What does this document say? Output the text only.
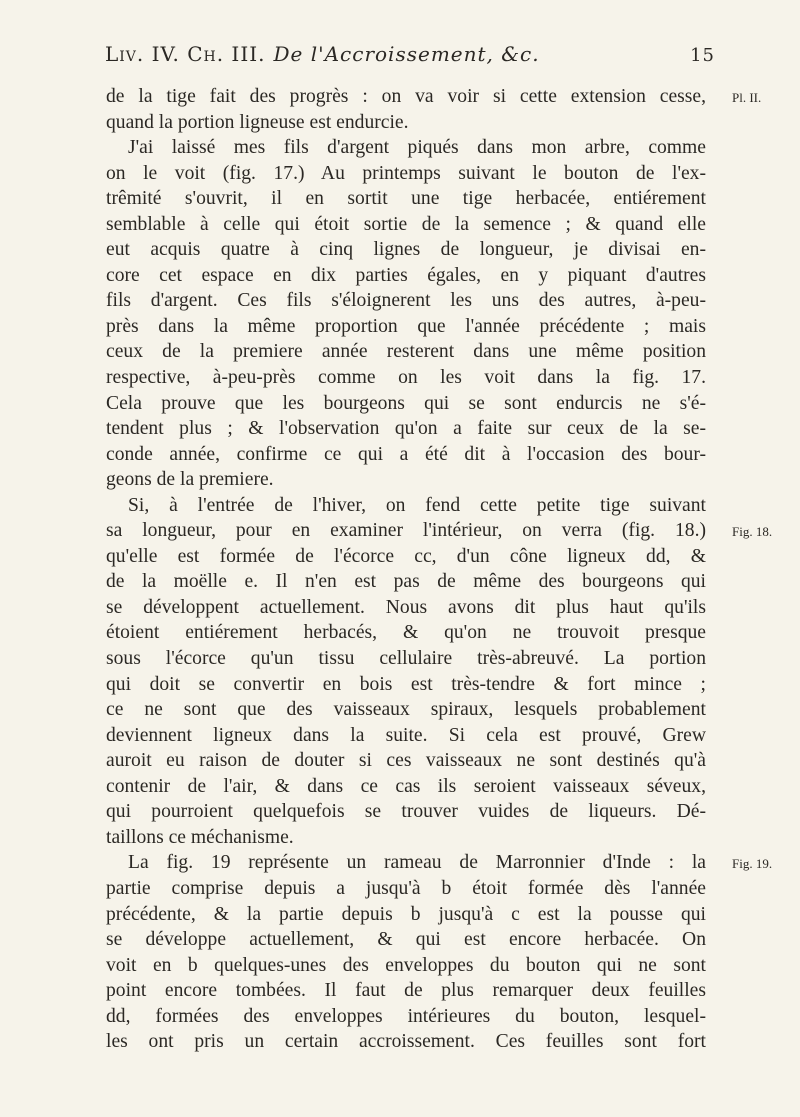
Liv. IV. Ch. III. De l'Accroissement, &c.	15
Pl. II.
Fig. 18.
Fig. 19.
de la tige fait des progrès : on va voir si cette extension cesse,
quand la portion ligneuse est endurcie.
J'ai laissé mes fils d'argent piqués dans mon arbre, comme
on le voit (fig. 17.) Au printemps suivant le bouton de l'ex-
trêmité s'ouvrit, il en sortit une tige herbacée, entiérement
semblable à celle qui étoit sortie de la semence ; & quand elle
eut acquis quatre à cinq lignes de longueur, je divisai en-
core cet espace en dix parties égales, en y piquant d'autres
fils d'argent. Ces fils s'éloignerent les uns des autres, à-peu-
près dans la même proportion que l'année précédente ; mais
ceux de la premiere année resterent dans une même position
respective, à-peu-près comme on les voit dans la fig. 17.
Cela prouve que les bourgeons qui se sont endurcis ne s'é-
tendent plus ; & l'observation qu'on a faite sur ceux de la se-
conde année, confirme ce qui a été dit à l'occasion des bour-
geons de la premiere.
Si, à l'entrée de l'hiver, on fend cette petite tige suivant
sa longueur, pour en examiner l'intérieur, on verra (fig. 18.)
qu'elle est formée de l'écorce cc, d'un cône ligneux dd, &
de la moëlle e. Il n'en est pas de même des bourgeons qui
se développent actuellement. Nous avons dit plus haut qu'ils
étoient entiérement herbacés, & qu'on ne trouvoit presque
sous l'écorce qu'un tissu cellulaire très-abreuvé. La portion
qui doit se convertir en bois est très-tendre & fort mince ;
ce ne sont que des vaisseaux spiraux, lesquels probablement
deviennent ligneux dans la suite. Si cela est prouvé, Grew
auroit eu raison de douter si ces vaisseaux ne sont destinés qu'à
contenir de l'air, & dans ce cas ils seroient vaisseaux séveux,
qui pourroient quelquefois se trouver vuides de liqueurs. Dé-
taillons ce méchanisme.
La fig. 19 représente un rameau de Marronnier d'Inde : la
partie comprise depuis a jusqu'à b étoit formée dès l'année
précédente, & la partie depuis b jusqu'à c est la pousse qui
se développe actuellement, & qui est encore herbacée. On
voit en b quelques-unes des enveloppes du bouton qui ne sont
point encore tombées. Il faut de plus remarquer deux feuilles
dd, formées des enveloppes intérieures du bouton, lesquel-
les ont pris un certain accroissement. Ces feuilles sont fort
